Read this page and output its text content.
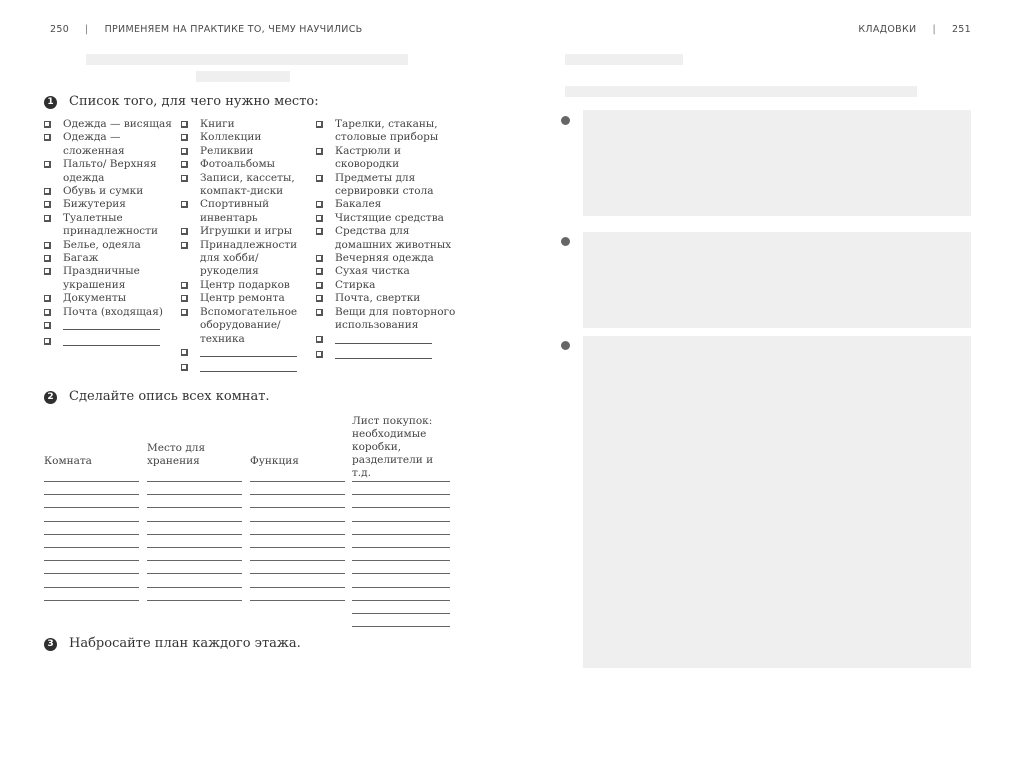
250 | ПРИМЕНЯЕМ НА ПРАКТИКЕ ТО, ЧЕМУ НАУЧИЛИСЬ
1 Список того, для чего нужно место:
Одежда — висящая
Одежда — сложенная
Пальто/ Верхняя одежда
Обувь и сумки
Бижутерия
Туалетные принадлежности
Белье, одеяла
Багаж
Праздничные украшения
Документы
Почта (входящая)
Книги
Коллекции
Реликвии
Фотоальбомы
Записи, кассеты, компакт-диски
Спортивный инвентарь
Игрушки и игры
Принадлежности для хобби/ рукоделия
Центр подарков
Центр ремонта
Вспомогательное оборудование/ техника
Тарелки, стаканы, столовые приборы
Кастрюли и сковородки
Предметы для сервировки стола
Бакалея
Чистящие средства
Средства для домашних животных
Вечерняя одежда
Сухая чистка
Стирка
Почта, свертки
Вещи для повторного использования
2 Сделайте опись всех комнат.
Комната
Место для хранения	Функция
Лист покупок: необходимые коробки, разделители и т.д.
3 Набросайте план каждого этажа.
КЛАДОВКИ | 251
